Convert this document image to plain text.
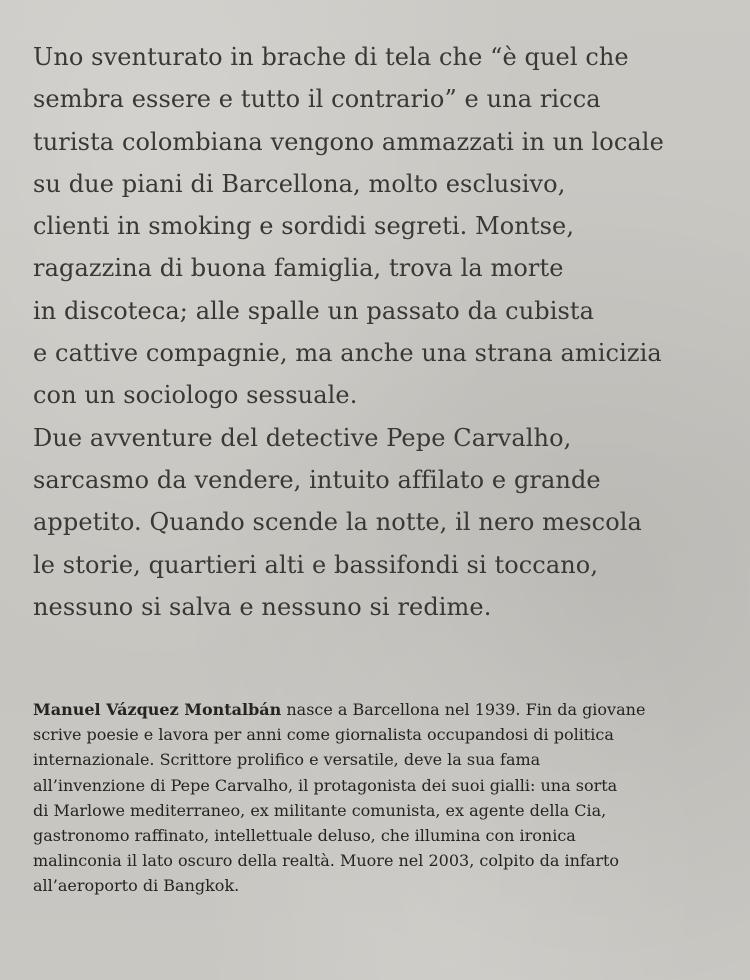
Uno sventurato in brache di tela che “è quel che
sembra essere e tutto il contrario” e una ricca
turista colombiana vengono ammazzati in un locale
su due piani di Barcellona, molto esclusivo,
clienti in smoking e sordidi segreti. Montse,
ragazzina di buona famiglia, trova la morte
in discoteca; alle spalle un passato da cubista
e cattive compagnie, ma anche una strana amicizia
con un sociologo sessuale.
Due avventure del detective Pepe Carvalho,
sarcasmo da vendere, intuito affilato e grande
appetito. Quando scende la notte, il nero mescola
le storie, quartieri alti e bassifondi si toccano,
nessuno si salva e nessuno si redime.
Manuel Vázquez Montalbán nasce a Barcellona nel 1939. Fin da giovane
scrive poesie e lavora per anni come giornalista occupandosi di politica
internazionale. Scrittore prolifico e versatile, deve la sua fama
all’invenzione di Pepe Carvalho, il protagonista dei suoi gialli: una sorta
di Marlowe mediterraneo, ex militante comunista, ex agente della Cia,
gastronomo raffinato, intellettuale deluso, che illumina con ironica
malinconia il lato oscuro della realtà. Muore nel 2003, colpito da infarto
all’aeroporto di Bangkok.
